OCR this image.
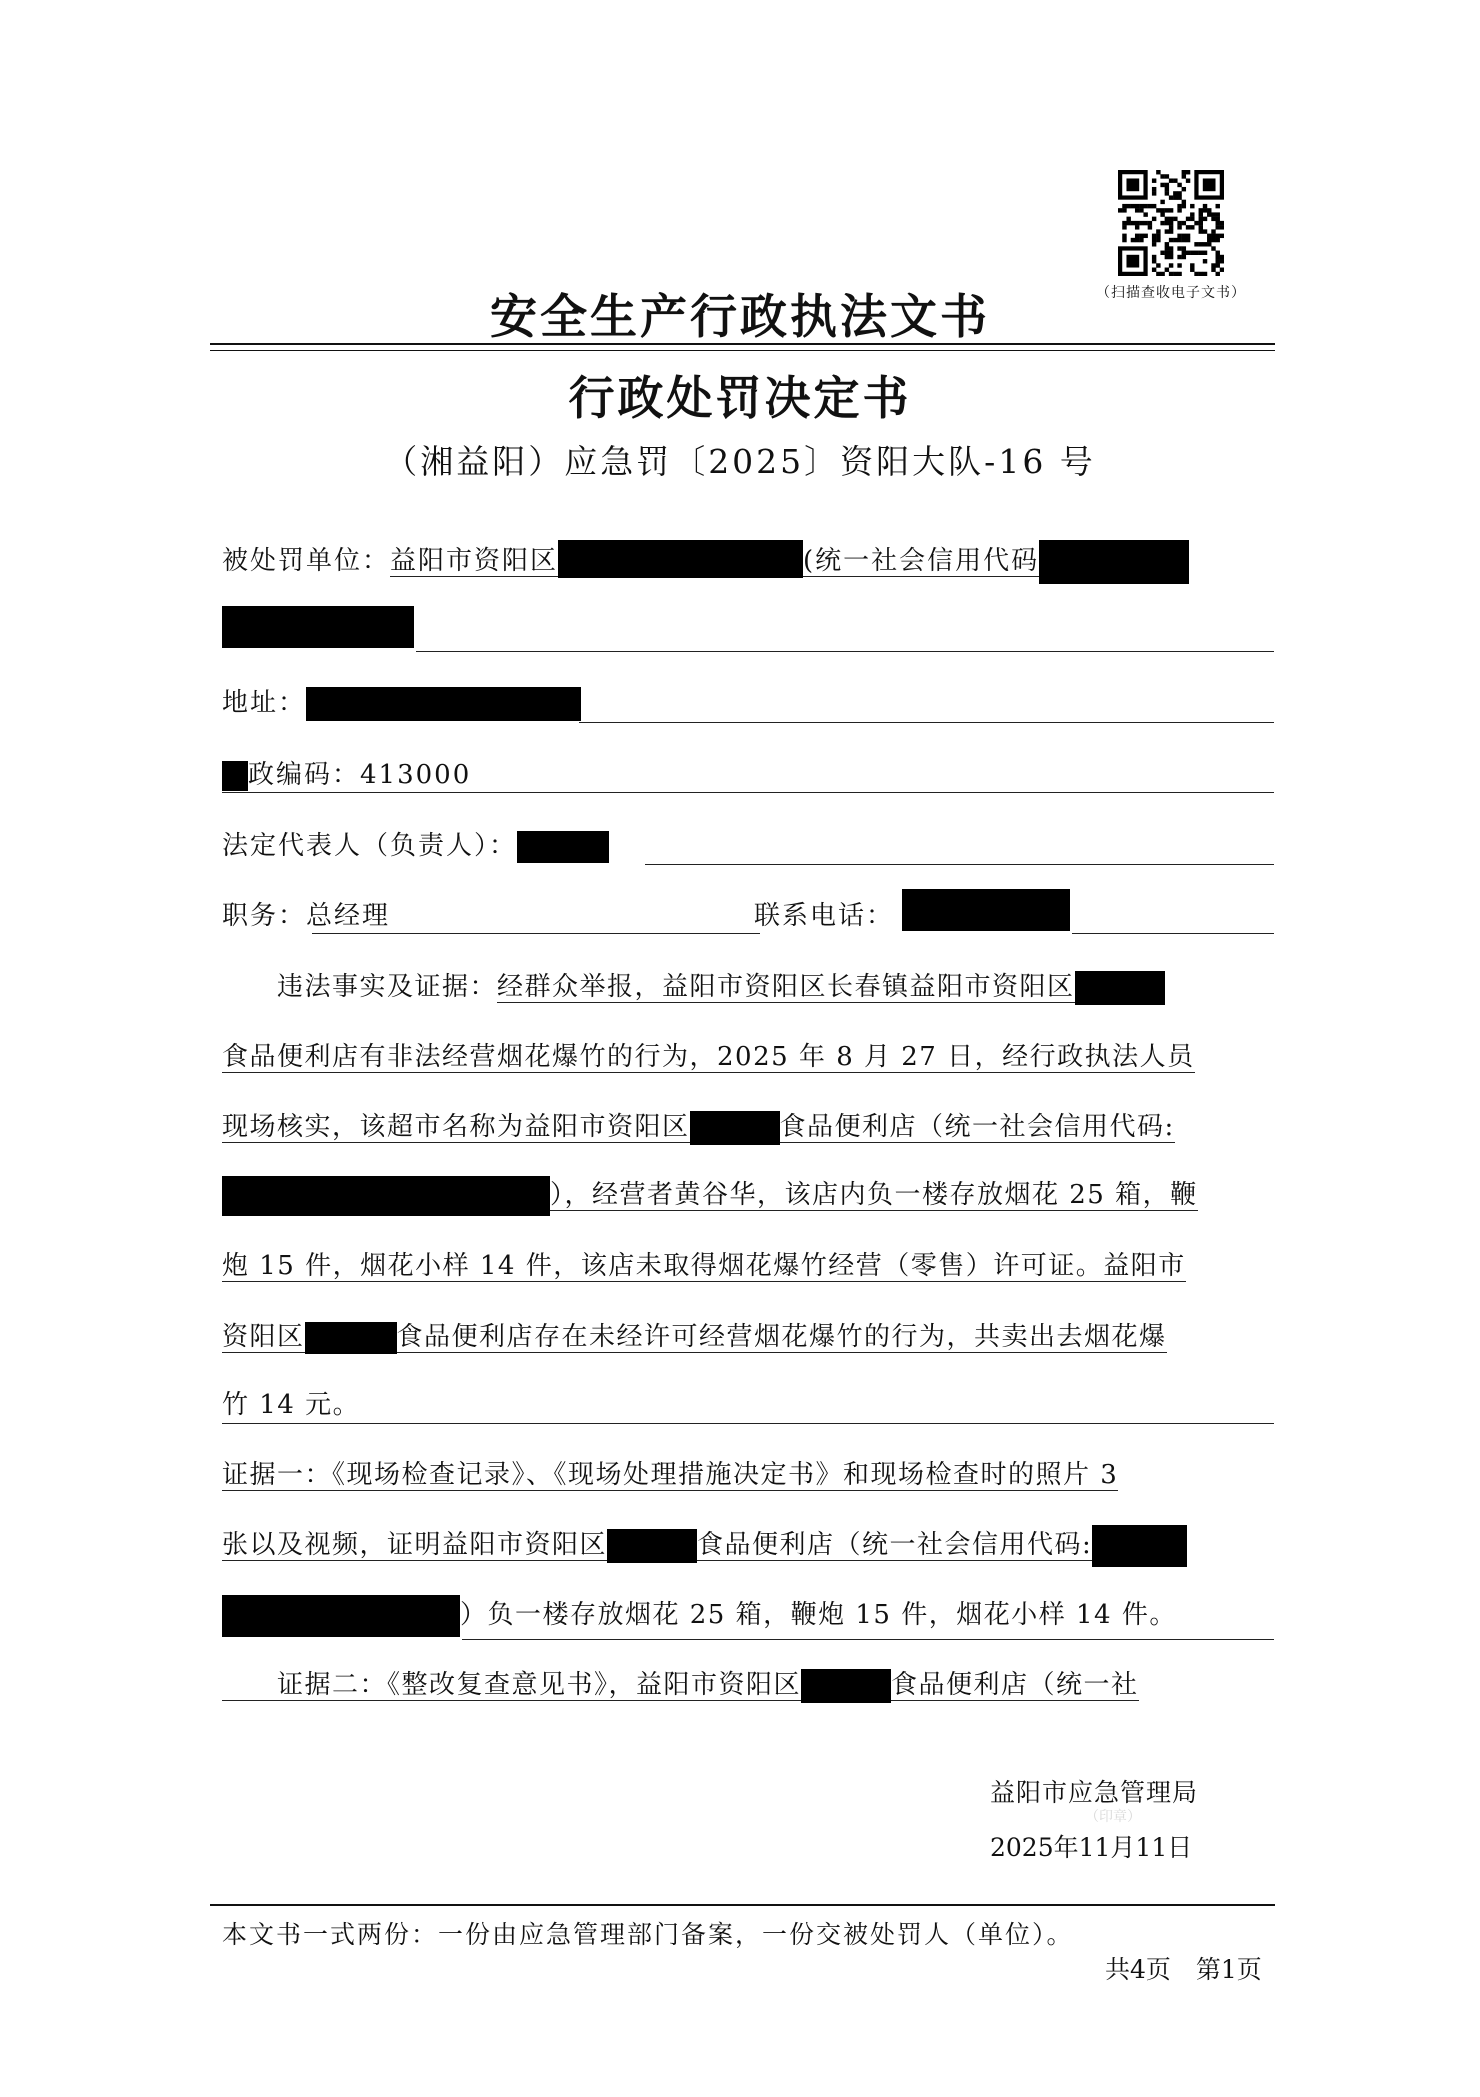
（扫描查收电子文书）
安全生产行政执法文书
行政处罚决定书
（湘益阳）应急罚〔2025〕资阳大队-16 号
被处罚单位：益阳市资阳区	(统一社会信用代码
地址：
政编码：413000
法定代表人（负责人）：
职务：总经理	联系电话：
违法事实及证据：经群众举报，益阳市资阳区长春镇益阳市资阳区
食品便利店有非法经营烟花爆竹的行为，2025 年 8 月 27 日，经行政执法人员
现场核实，该超市名称为益阳市资阳区	食品便利店（统一社会信用代码:
），经营者黄谷华，该店内负一楼存放烟花 25 箱，鞭
炮 15 件，烟花小样 14 件，该店未取得烟花爆竹经营（零售）许可证。益阳市
资阳区	食品便利店存在未经许可经营烟花爆竹的行为，共卖出去烟花爆
竹 14 元。
证据一：《现场检查记录》、《现场处理措施决定书》和现场检查时的照片 3
张以及视频，证明益阳市资阳区	食品便利店（统一社会信用代码:
）负一楼存放烟花 25 箱，鞭炮 15 件，烟花小样 14 件。
证据二：《整改复查意见书》，益阳市资阳区	食品便利店（统一社
益阳市应急管理局
（印章）
2025年11月11日
本文书一式两份：一份由应急管理部门备案，一份交被处罚人（单位）。
共4页　第1页
